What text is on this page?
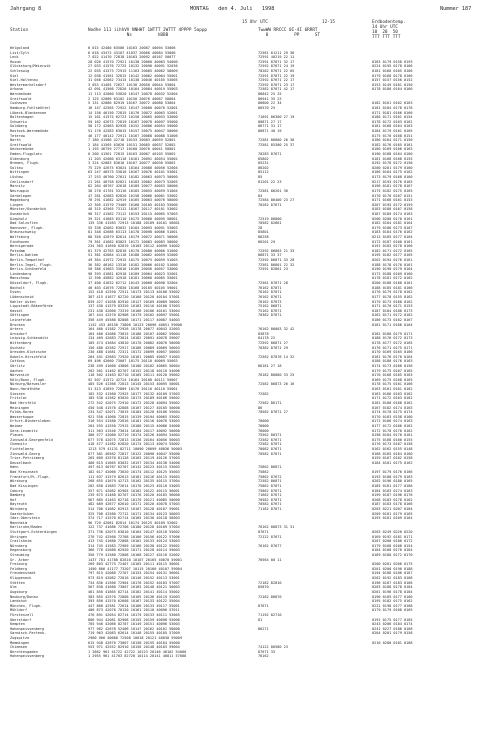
Jahrgang 8	MONTAG   den 4. Juli   1998	Nummer 187
15 Uhr UTC	12-15	Erdbodentemp.
14 Uhr UTC
10  20  50
TTT TTT TTT
Station	Nodhe 111 iihhVV NNHHT 1WTTT 2WTTT 4PPPP 5appp
Ns          hBBB
TwwWW RRCCC 0I-4I 6RRRT
8          PP      ST
Helgoland	6 015 42480 63506 10163 20087 40094 53006
List/Sylt	6 018 43472 43107 41037 20066 40084 53006	72581 01211 29 36
Leck	7 022 41470 72818 10163 20092 40167 50077	72591 40219 22 11
Husum	28 026 41570 72921 10138 20060 40063 54000	72591 87671 32 17	0183 0179 0158 0193
Glückshurg/Meierwik	27 033 41576 72725 10132 20090 40091 52036	72592 87671 24 19	0224 0195 0178 0166
Schleswig	22 035 41573 72915 11163 20085 40062 58009	70282 87671 22 05	0181 0160 0165 0166
Kiel	12 038 41561 32815 10142 20062 40064 55001	72591 87671 22 19	0179 0160 0178 0166
Kiel-Holtenau	31 046 42062 73415 10138 20046 40105 53005	72592 87671 22 17	0157 0157 0156 0152
Westermarkelsdorf	3 053 41465 72627 10138 20050 40044 53004	72592 87671 23 17	0153 0149 0161 0150
Arkona	42 091 41566 72826 10164 20084 40019 55003	72582 87671 42 17	0178 0180 0164 0160
Warnemünde	11 113 42080 53020 10147 20078 40032 52004	86842 25 25
Greifswald	2 125 42066 63102 10150 20076 40067 50004	86941 35 23
Cuxhaven	5 131 42080 82919 10167 20072 40080 53004	86800 22 34	0182 0161 0162 0163
Hamburg-Fuhlsbüttel	16 147 42565 72922 10147 20080 40070 52001	86570 25	0181 0184 0178 0176
Lübeck-Blankensee	14 156 46150 72815 10176 20072 40063 52001	0171 0181 0166 0166
Boltenhagen	15 161 41575 62723 10150 20065 40053 53000	71691 86300 27 19	0186 0171 0161 0154
Schwerin	59 162 42675 72819 10167 20078 40097 55000	80871 27 17	0178 0172 0163 0162
Goldberg	58 172 42063 82928 10152 20086 40054 59000	86771 31 17	0181 0168 0164 0163
Rostock-Warnemünde	51 176 42583 63015 10157 20075 40047 50000	86871 40 19	0184 0179 0161 0165
Teterow	46 177 46142 72911 10167 20068 40088 51006	0175 0170 0168 0151
Barth	7 180 41586 42718 10153 20083 40059 52001	72581 86800 26 36	0186 0164 0171 0156
Greifswald	2 184 41565 63026 10151 20085 40037 52002	72581 85300 25 37	0182 0176 0165 0161
Ueckermünde	1 193 46759 27717 10160 20070 40041 50001	0180 0169 0166 0163
Emden-Flugplatz	0 200 41561 72815 10163 20067 40103 55002	70283 87671	0190 0188 0164 0160
Oldenburg	11 203 42080 63118 10161 20091 40054 55002	85802	0181 0168 0168 0155
Bremen, Flugh.	3 224 42083 63018 10167 20077 40030 55002	85231	0192 0178 0172 0158
Soltau	75 229 42675 63024 10164 20080 40056 52004	86202	0200 0201 0179 0160
Wittingen	63 247 46575 53016 10167 20076 40101 53001	85112	0186 0164 0175 0162
Lüchow	17 253 46760 27611 10182 20063 40073 50000	85	0173 0179 0168 0160
Cenlinsdorf	21 261 46758 62821 10183 20062 40073 52005	81201 22 23	0217 0193 0176 0165
Marnitz	82 264 46767 42618 10189 20077 40053 50000	0196 0181 0178 0167
Neuruppin	38 270 41761 53116 10183 20055 40059 51004	72581 86201 36	0175 0182 0175 0165
Gardelegen	47 281 42083 62820 10158 20066 40061 53002	84	0170 0170 0167 0151
Magdeburg	76 291 41682 42919 10165 20063 40076 58000	72584 86400 23 27	0171 0168 0161 0153
Lingen	22 305 41570 73409 10168 20105 40103 55000	70282 87671	0207 0195 0172 0159
Münster/Osnabrück	48 315 42565 73112 10167 20117 40101 53002	0183 0180 0167 0158
Osnabrück	98 317 41582 73112 10153 20115 40065 57003	0187 0189 0174 0163
Diepholz	39 321 41683 83110 10175 20068 40095 58001	72519 86800	0200 0200 0170 0161
Bad Salzuflen	135 336 41583 72913 10188 20109 40101 58001	70582 82661	0182 0184 0181 0164
Hannover, Flugh.	55 338 42082 63032 10184 20093 40091 53003	28	0179 0188 0173 0167
Braunschweig	81 348 42686 63113 10178 20090 40086 51001	85801	0183 0184 0176 0162
Wolfsburg	88 350 42079 82614 10179 20072 40071 50000	86258	0213 0185 0177 0164
Eindhoven	79 361 41682 63023 10172 20083 40083 50000	86201 29	0172 0187 0160 0161
Wernigerode	234 363 41650 62819 10183 20112 40099 54002	0191 0183 0178 0166
Potsdam	81 379 42783 82818 10170 20080 40060 51000	72592 86803 21 33	0182 0171 0172 0165
Berlin-Dahlem	51 381 42084 41118 10188 20062 40059 52000	86871 33 37	0195 0182 0177 0165
Berlin-Tempelhof	49 384 41972 72915 10175 20075 40059 51003	72592 86871 33 20	0202 0194 0176 0161
Berlin-Tegel, Flugh.	36 382 46162 13316 10182 20066 40102 51000	72581 86801 22 32	0188 0178 0170 0161
Berlin-Schönefeld	50 386 41683 33016 10189 20056 40057 53000	72591 82801 23	0190 0190 0179 0164
Lindenberg	98 393 41681 62918 10189 20064 40023 52001	0172 0188 0169 0160
Manschnow	12 396 45882 42918 10181 20060 40065 55001	0178 0181 0172 0162
Düsseldorf, Flugh.	37 400 41632 62712 10143 20060 40098 52004	72581 87871 28	0200 0188 0188 0161
Bocholt	46 403 41676 72830 10168 20105 40105 59001	76162 87871	0188 0185 0181 0166
Essen	152 410 42550 72511 10173 20113 40100 55002	76162 87671	0176 0179 0178 0162
Lüdenscheid	387 415 41677 82720 10160 20120 40104 57001	76162 87671	0177 0170 0155 0162
Kahler Asten	839 427 41038 82910 10127 20169 40089 50002	76162 87673	0179 0173 0168 0162
Lippstadt-Bökenförde	137 430 41579 83320 10163 20110 40100 57003	75162 86871	0171 0170 0171 0153
Kassel	231 438 42060 73319 10166 20106 40101 53004	75162 87671	0187 0184 0180 0173
Göttingen	167 444 42570 82908 10179 20102 40097 55001	70382 87671	0182 0171 0172 0162
Leinefelde	356 449 45580 82808 10171 20117 40087 54003	0186 0173 0162 0167
Brocken	1142 453 46150 73806 10123 20096 40051 59000	0181 0171 0166 0164
Artern	164 460 41582 72926 10178 20077 40043 52003	76162 86003 32 42
Arnsdorf	164 460 42086 73015 10186 20107 40062 59004	83878	0182 0180 0179 0171
Leipzig-Schkeuditz	134 469 42683 73014 10182 20091 40078 59007	84178 22	0188 0176 0172 0173
Wittenberg	105 474 41684 43810 10170 20082 40070 58000	72592 86871 27	0178 0177 0172 0165
Oschatz	150 480 42582 72917 10186 20089 40069 50003	70382 87671 29	0176 0171 0175 0171
Dresden-Klotzsche	230 488 41681 72311 10172 20099 40057 50003	0170 0169 0165 0166
Dubeln-Hirschfeld	264 491 42683 72920 10181 20085 40057 51003	72582 87876 14 32	0181 0176 0170 0164
Cottbus	69 496 42660 73007 10175 20110 40069 55003	0188 0180 0176 0163
Görlitz	238 499 41660 43806 10180 20102 40065 50004	86181 27 18	0174 0173 0166 0156
Aachen	202 501 41462 82707 10152 20118 40110 54006	0179 0175 0167 0165
Nörvenich	118 502 41463 82710 10165 20111 40128 59002	76182 86880 33 25	0170 0168 0165 0163
Köln/Bonn, Flugh.	92 507 41572 42724 10164 20108 40111 59007	0169 0175 0168 0165
Nürburg/Barweiler	485 526 41366 72813 10145 20153 40095 50001	72582 86873 26 16	0178 0175 0161 0166
Bonn-Hardthöhe	51 513 41659 72809 10176 20110 40110 55001	0163 0161 0161 0162
Giessen	182 532 41560 72925 10177 20132 40109 57003	72582	0163 0166 0163 0162
Fritzlar	185 538 41582 63020 10173 20109 40106 59002	0171 0172 0163 0162
Bad Hersfeld	272 542 42075 72910 10172 20128 40094 55002	72582 86171	0181 0180 0168 0162
Meiningen	450 548 41576 42808 10167 20127 40105 50000	86	0167 0182 0174 0163
Fulda-Horas	234 547 42071 73015 10184 20120 40106 55004	70582 87671 27	0174 0170 0175 0174
Wasserkuppe	921 550 41060 72815 10139 20194 40065 53002	0170 0163 0158 0160
Erfurt-Bindersleben	316 554 41580 72816 10181 20116 40078 53003	76000	0172 0166 0174 0163
Weimar	264 555 41550 72915 10180 20115 40086 54000	76000	0177 0172 0166 0162
Gera-Leumnitz	311 563 41546 73014 10184 20117 40092 50000	76000	0172 0170 0170 0162
Plauen	386 577 42080 52719 10174 20126 40094 54004	75562 86371	0198 0184 0170 0161
Zinnwald-Georgenfeld	877 578 42075 72813 10136 20164 40056 50003	72582 87671	0175 0168 0160 0155
Chemnitz	418 577 41582 62820 10174 20113 40074 55002	72582 87671	0176 0173 0167 0158
Fichtelberg	1213 579 41131 82711 10090 20099 40036 50003	70082 87671	0162 0162 0155 0148
Zinnwald-Georg	877 581 46562 72817 10122 20090 40047 55000	70582 87671	0168 0165 0164 0160
Trier-Petrisberg	265 609 42570 81128 10163 20119 40126 57003	0159 0167 0162 0158
Deuselbach	480 615 41665 63032 10157 20134 40138 54006	0184 0181 0175 0162
Hahn	497 613 40767 62707 10142 20123 40115 53003	75862 86871
Bad Kreuznach	182 617 42066 73020 10174 20112 40125 55003	75862	0197 0179 0176 0166
Frankfurt/M.-Flugh.	111 637 41579 82613 10181 20116 40115 55003	75862 87672	0193 0188 0179 0163
Würzburg	268 655 41679 42713 10162 20135 40115 57004	72582 86871	0202 0196 0180 0165
Bad Kissingen	282 658 41683 72614 10170 20123 40110 53003	75862 87671	0185 0181 0177 0166
Coburg	357 671 42082 62905 10162 20122 40115 56001	75862 87671	0184 0183 0174 0163
Bamberg	239 675 41460 82707 10176 20120 40103 56000	71682 87671	0199 0187 0196 0176
Hof	567 685 41463 82718 10170 20121 40085 50000	70582 87671	0208 0183 0170 0162
Bayreuth	482 689 42677 62610 10171 20120 40078 57003	70582 87671	0187 0183 0178 0166
Nürnberg	314 700 41082 62913 10167 20128 40107 59001	71182 87671	0203 0221 0207 0184
Saarbrücken	325 708 42580 72712 10171 20134 40123 50003	0209 0181 0179 0165
Idar-Oberstein	374 717 41570 62714 10165 20130 40118 58003	0193 0181 0169 0164
Mannheim	96 729 42081 82814 10174 20125 40109 52002
Karlsruhe/Baden	122 737 41686 72708 10180 20128 40109 57004	76162 86873 31 31
Stuttgart-Echterdingen	371 738 42075 63010 10164 20147 40118 55002	87671	0203 0249 0220 0220
Öhringen	276 742 42560 72708 10166 20156 40122 57006	72122 87671	0169 0192 0181 0171
Crailsheim	413 745 41680 72808 10162 20133 40124 53003	0207 0200 0186 0172
Nürnberg	314 745 41583 72909 10166 20130 40122 55002	76162 87677	0179 0168 0168 0154
Regensburg	366 776 42680 62920 10171 20128 40114 59003	0184 0180 0176 0164
Straubing	350 779 41580 72808 10168 20127 40118 52002	0189 0180 0172 0170
Gr. Arber	1437 781 41780 82810 10107 20165 40070 59001	76564 00 11
Freiburg	269 803 42775 72407 10165 20111 40115 50001	0200 0201 0206 0175
Feldberg	1490 806 41177 73207 10115 20160 40107 59004	0201 0200 0190 0188
Freudenstadt	797 815 42080 72707 10153 20154 40131 56001	0194 0188 0186 0167
Klippeneck	973 819 42082 72816 10146 20152 40113 53001	0202 0192 0183 0168
Stötten	734 836 41566 72904 10176 20152 40103 57007	72182 82810	0196 0187 0183 0166
Ulm	567 838 41680 73007 10165 20148 40121 50003	85870	0203 0188 0178 0164
Augsburg	461 850 41865 82714 10162 20141 40114 55002	0201 0196 0178 0164
Neuburg/Donau	383 855 42570 72808 10165 20136 40119 52003	72182 86870	0196 0185 0177 0160
Landshut	393 856 41570 62608 10167 20133 40122 55004	0195 0182 0175 0162
München, Flugh.	447 868 42581 72614 10166 20133 40117 55001	87671	0222 0198 0177 0168
Mühldorf	406 873 42076 70120 10161 20110 40096 57011	0179 0179 0168 0165
Fürstenzell	476 891 42054 62714 10179 20133 40111 53005	71192 82710
Oberstdorf	806 944 42081 82908 10155 20159 40098 55006	81	0191 0175 0177 0165
Kempten	705 946 42066 82707 10149 20151 40096 53003	0243 0206 0184 0174
Hohenpeissenberg	977 962 42678 52406 10147 20162 40101 58000	86271	0241 0227 0186 0168
Garmisch-Partenk.	719 963 42083 62614 10148 20155 40105 57009	0204 0201 0179 0158
Zugspitze	2960 966 40660 72508 10018 20121 40030 59009
Memmingen	615 948 42670 73007 10158 20155 40104 55000	0216 0200 0181 0168
Chiemsee	553 971 42552 82910 10156 20148 40103 59004	74122 86580 23
Berchtesgaden	1 2862 961 41722 42722 10123 20146 40102 54000	87671 33
Hohenpeissenberg	1 2955 961 41703 82720 10114 20141 40011 57008	76162
